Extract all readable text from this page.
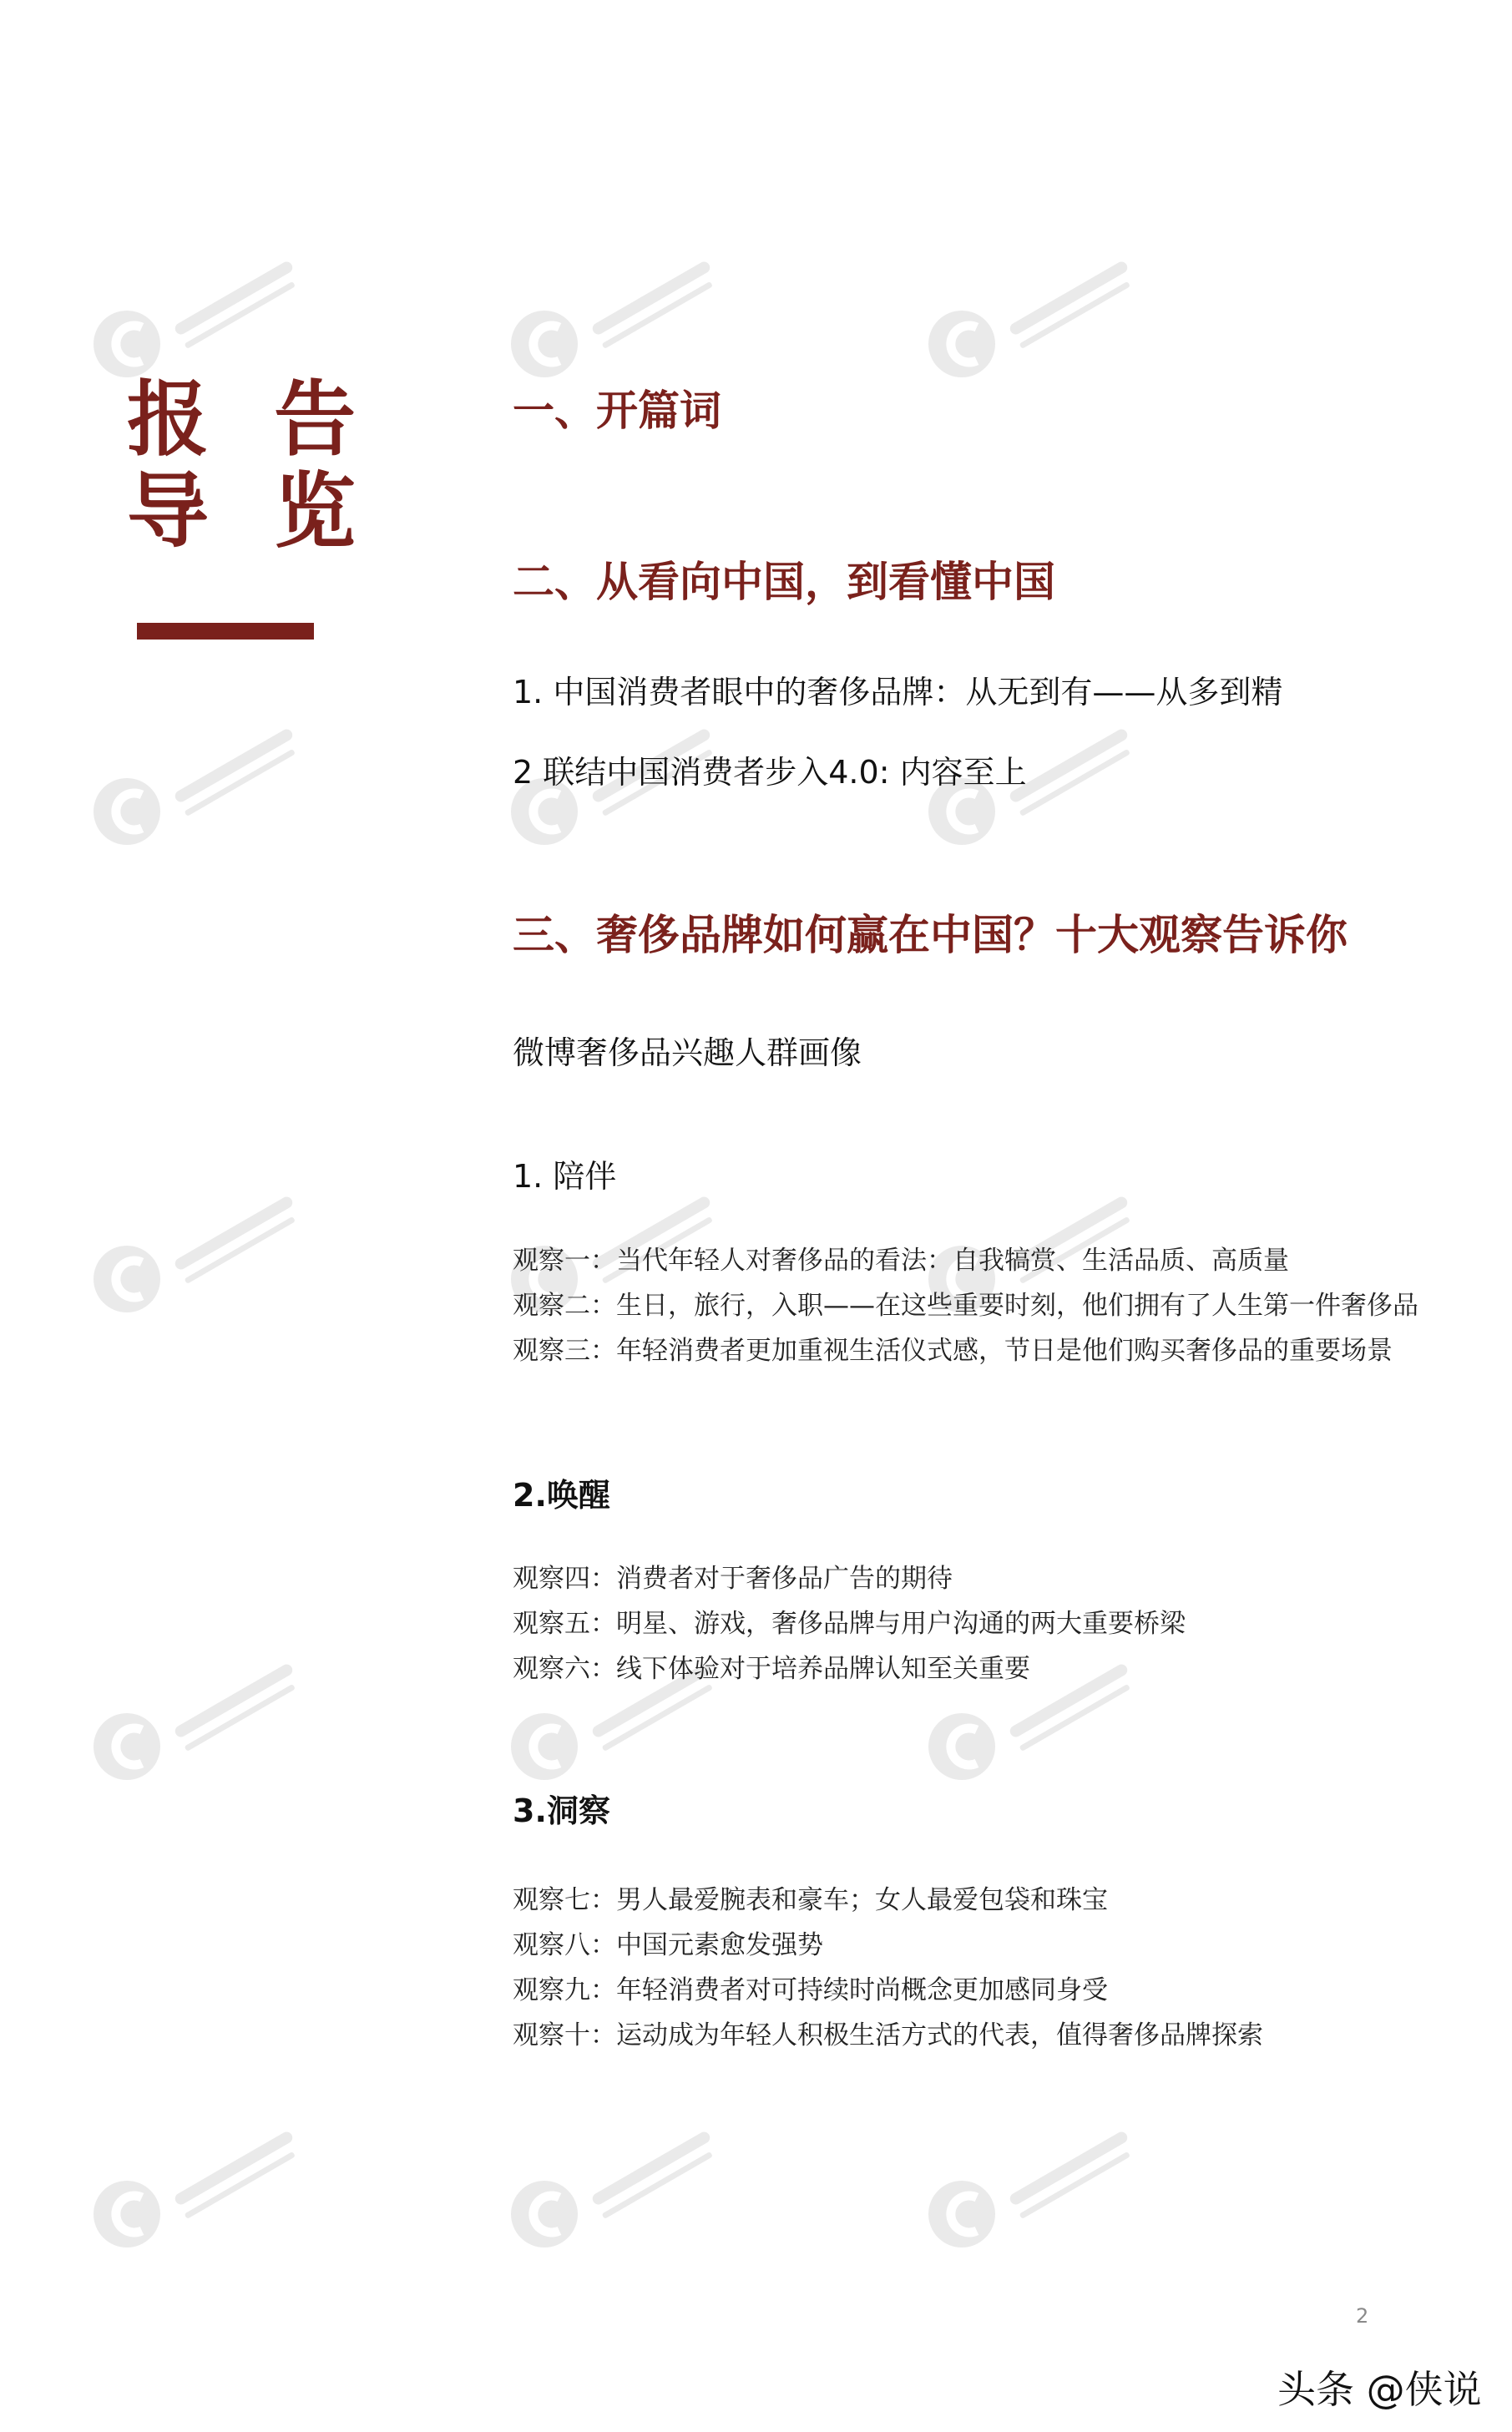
报 告
导 览
一、开篇词
二、从看向中国，到看懂中国
1. 中国消费者眼中的奢侈品牌：从无到有——从多到精
2 联结中国消费者步入4.0: 内容至上
三、奢侈品牌如何赢在中国？十大观察告诉你
微博奢侈品兴趣人群画像
1. 陪伴
观察一：当代年轻人对奢侈品的看法：自我犒赏、生活品质、高质量
观察二：生日，旅行，入职——在这些重要时刻，他们拥有了人生第一件奢侈品
观察三：年轻消费者更加重视生活仪式感，节日是他们购买奢侈品的重要场景
2.唤醒
观察四：消费者对于奢侈品广告的期待
观察五：明星、游戏，奢侈品牌与用户沟通的两大重要桥梁
观察六：线下体验对于培养品牌认知至关重要
3.洞察
观察七：男人最爱腕表和豪车；女人最爱包袋和珠宝
观察八：中国元素愈发强势
观察九：年轻消费者对可持续时尚概念更加感同身受
观察十：运动成为年轻人积极生活方式的代表，值得奢侈品牌探索
2
头条 @侠说
